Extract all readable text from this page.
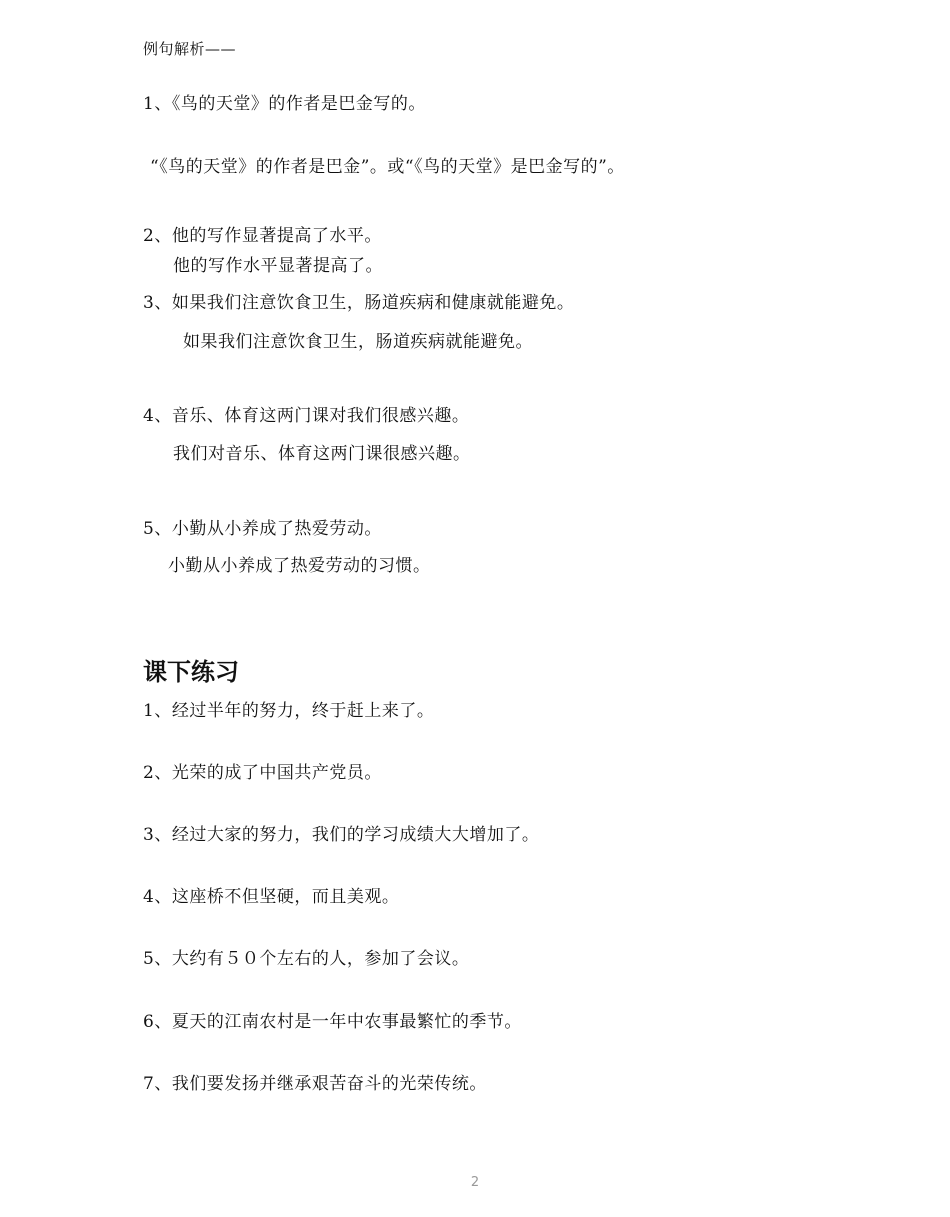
例句解析——
1、《鸟的天堂》的作者是巴金写的。
“《鸟的天堂》的作者是巴金”。或“《鸟的天堂》是巴金写的”。
2、他的写作显著提高了水平。
他的写作水平显著提高了。
3、如果我们注意饮食卫生，肠道疾病和健康就能避免。
如果我们注意饮食卫生，肠道疾病就能避免。
4、音乐、体育这两门课对我们很感兴趣。
我们对音乐、体育这两门课很感兴趣。
5、小勤从小养成了热爱劳动。
小勤从小养成了热爱劳动的习惯。
课下练习
1、经过半年的努力，终于赶上来了。
2、光荣的成了中国共产党员。
3、经过大家的努力，我们的学习成绩大大增加了。
4、这座桥不但坚硬，而且美观。
5、大约有５０个左右的人，参加了会议。
6、夏天的江南农村是一年中农事最繁忙的季节。
7、我们要发扬并继承艰苦奋斗的光荣传统。
2
